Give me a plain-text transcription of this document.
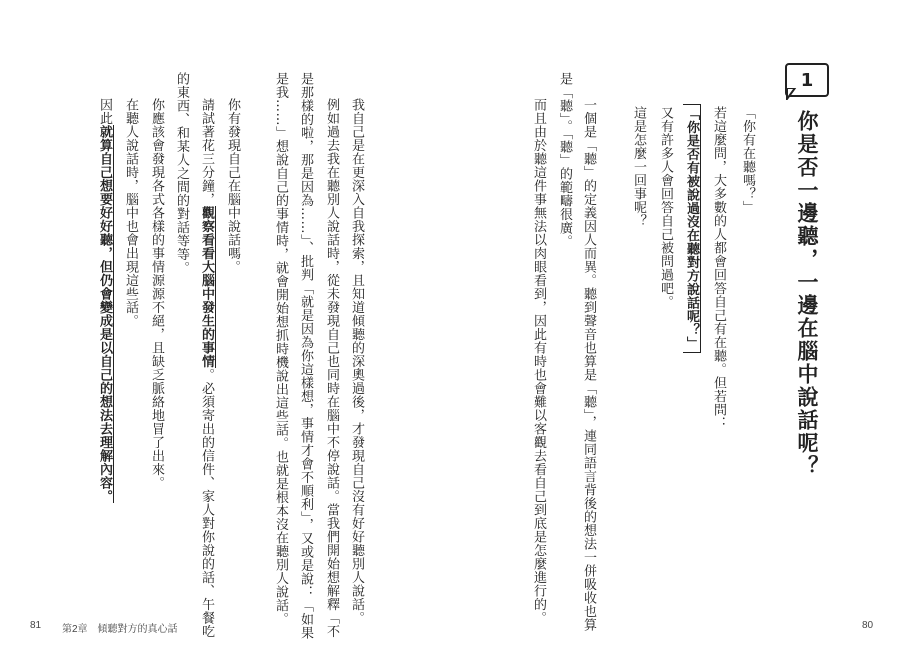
1
···
你是否一邊聽，一邊在腦中說話呢？
「你有在聽嗎？」
若這麼問，大多數的人都會回答自己有在聽。但若問：
「你是否有被說過沒在聽對方說話呢？」
又有許多人會回答自己被問過吧。
這是怎麼一回事呢？
一個是「聽」的定義因人而異。聽到聲音也算是「聽」，連同語言背後的想法一併吸收也算
是「聽」。「聽」的範疇很廣。
而且由於聽這件事無法以肉眼看到，因此有時也會難以客觀去看自己到底是怎麼進行的。
80
我自己是在更深入自我探索，且知道傾聽的深奧過後，才發現自己沒有好好聽別人說話。
例如過去我在聽別人說話時，從未發現自己也同時在腦中不停說話。當我們開始想解釋「不
是那樣的啦，那是因為……」、批判「就是因為你這樣想，事情才會不順利」，又或是說：「如果
是我……」想說自己的事情時，就會開始想抓時機說出這些話。也就是根本沒在聽別人說話。
你有發現自己在腦中說話嗎。
請試著花三分鐘，觀察看看大腦中發生的事情。必須寄出的信件、家人對你說的話、午餐吃
的東西、和某人之間的對話等等。
你應該會發現各式各樣的事情源源不絕，且缺乏脈絡地冒了出來。
在聽人說話時，腦中也會出現這些話。
因此就算自己想要好好聽，但仍會變成是以自己的想法去理解內容。
81 第2章　傾聽對方的真心話
